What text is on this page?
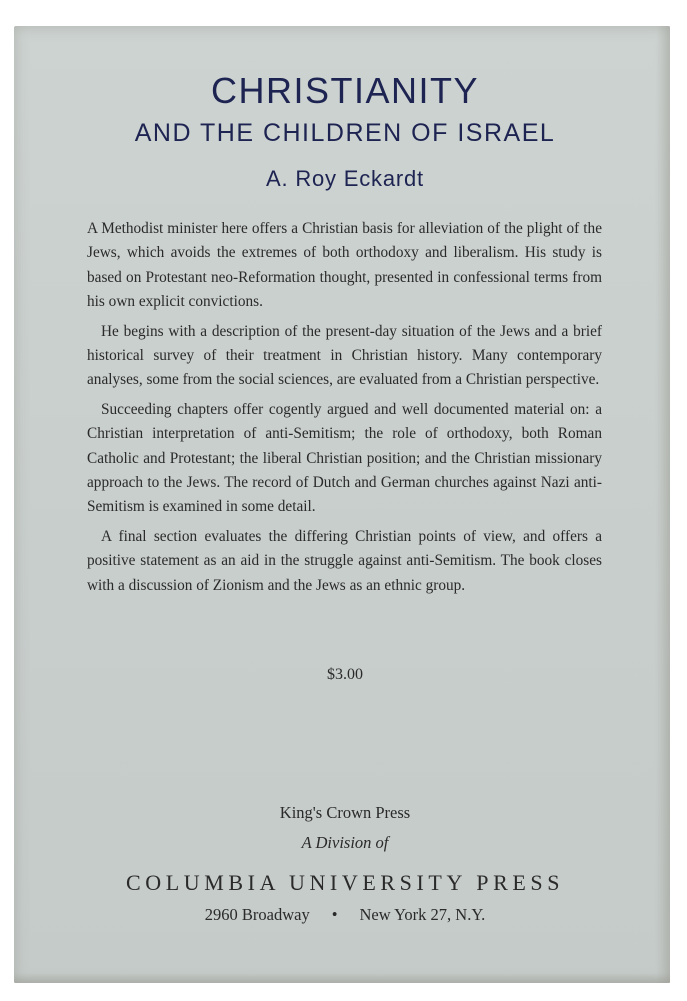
CHRISTIANITY
AND THE CHILDREN OF ISRAEL
A. Roy Eckardt

A Methodist minister here offers a Christian basis for alleviation of the plight of the Jews, which avoids the extremes of both orthodoxy and liberalism. His study is based on Protestant neo-Reformation thought, presented in confessional terms from his own explicit convictions.

He begins with a description of the present-day situation of the Jews and a brief historical survey of their treatment in Christian history. Many contemporary analyses, some from the social sciences, are evaluated from a Christian perspective.

Succeeding chapters offer cogently argued and well documented material on: a Christian interpretation of anti-Semitism; the role of orthodoxy, both Roman Catholic and Protestant; the liberal Christian position; and the Christian missionary approach to the Jews. The record of Dutch and German churches against Nazi anti-Semitism is examined in some detail.

A final section evaluates the differing Christian points of view, and offers a positive statement as an aid in the struggle against anti-Semitism. The book closes with a discussion of Zionism and the Jews as an ethnic group.

$3.00
King's Crown Press
A Division of
COLUMBIA UNIVERSITY PRESS
2960 Broadway • New York 27, N.Y.
